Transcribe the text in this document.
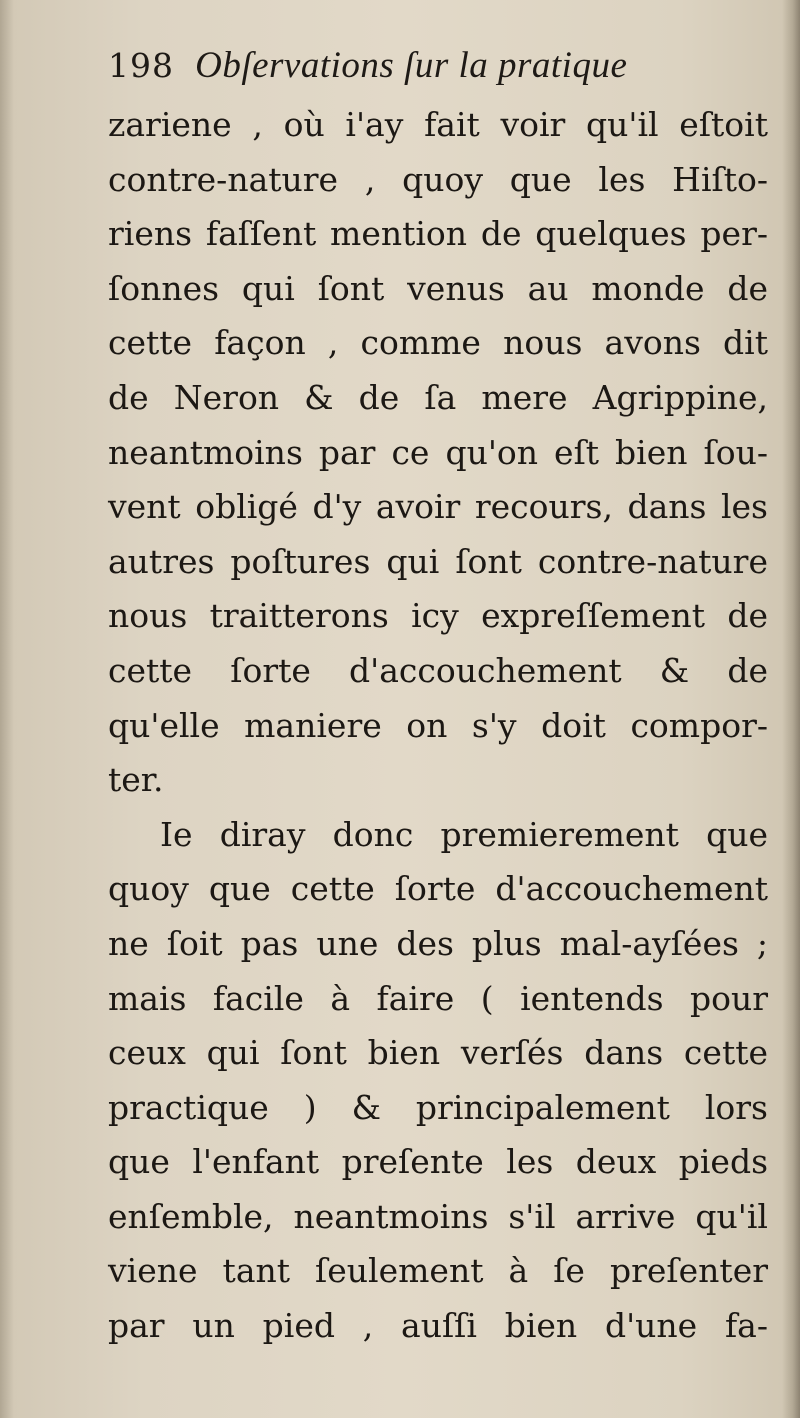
198 Obſervations ſur la pratique
zariene , où i'ay fait voir qu'il eſtoit
contre-nature , quoy que les Hiſto-
riens faſſent mention de quelques per-
ſonnes qui ſont venus au monde de
cette façon , comme nous avons dit
de Neron & de ſa mere Agrippine,
neantmoins par ce qu'on eſt bien ſou-
vent obligé d'y avoir recours, dans les
autres poſtures qui ſont contre-nature
nous traitterons icy expreſſement de
cette ſorte d'accouchement & de
qu'elle maniere on s'y doit compor-
ter.
Ie diray donc premierement que
quoy que cette ſorte d'accouchement
ne ſoit pas une des plus mal-ayſées ;
mais facile à faire ( ientends pour
ceux qui ſont bien verſés dans cette
practique ) & principalement lors
que l'enfant preſente les deux pieds
enſemble, neantmoins s'il arrive qu'il
viene tant ſeulement à ſe preſenter
par un pied , auſſi bien d'une fa-
